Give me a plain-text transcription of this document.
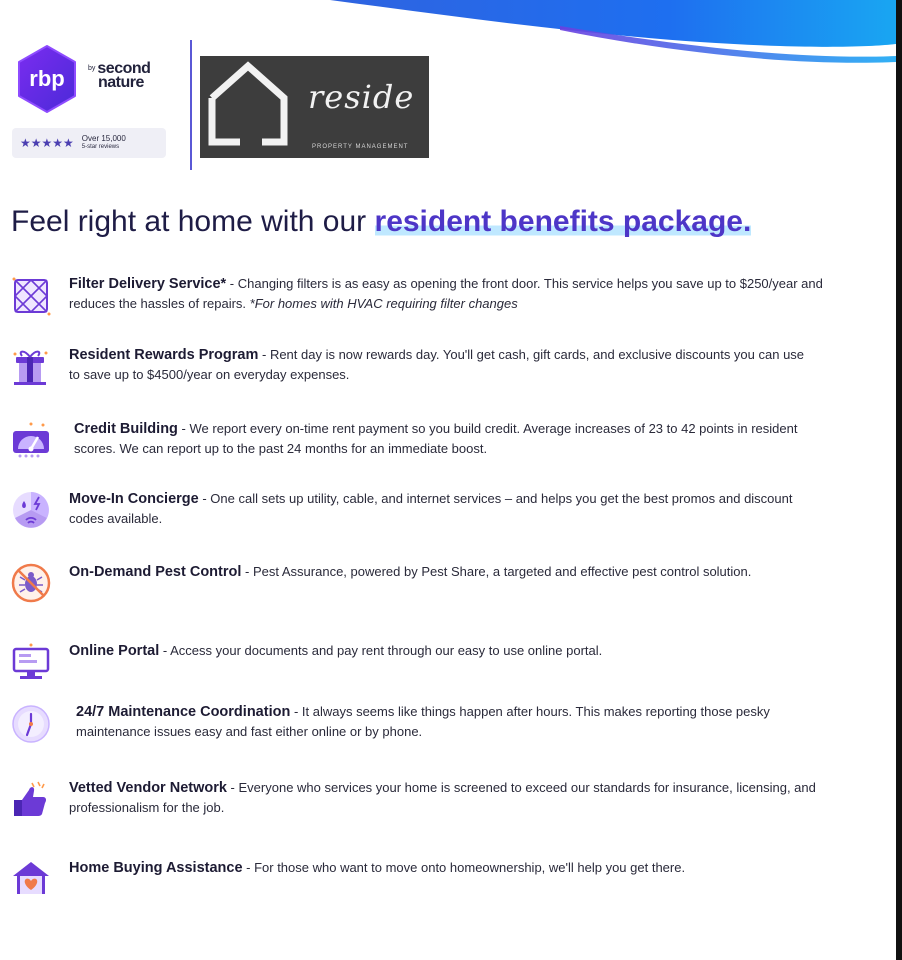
rbp	$^{by}$ second
nature
★★★★★ Over 15,000
5-star reviews
reside
PROPERTY MANAGEMENT
Feel right at home with our resident benefits package.
Filter Delivery Service* - Changing filters is as easy as opening the front door. This service helps you save up to $250/year and reduces the hassles of repairs. *For homes with HVAC requiring filter changes
Resident Rewards Program - Rent day is now rewards day. You'll get cash, gift cards, and exclusive discounts you can use to save up to $4500/year on everyday expenses.
Credit Building - We report every on-time rent payment so you build credit. Average increases of 23 to 42 points in resident scores. We can report up to the past 24 months for an immediate boost.
Move-In Concierge - One call sets up utility, cable, and internet services – and helps you get the best promos and discount codes available.
On-Demand Pest Control - Pest Assurance, powered by Pest Share, a targeted and effective pest control solution.
Online Portal - Access your documents and pay rent through our easy to use online portal.
24/7 Maintenance Coordination - It always seems like things happen after hours. This makes reporting those pesky maintenance issues easy and fast either online or by phone.
Vetted Vendor Network - Everyone who services your home is screened to exceed our standards for insurance, licensing, and professionalism for the job.
Home Buying Assistance - For those who want to move onto homeownership, we'll help you get there.
